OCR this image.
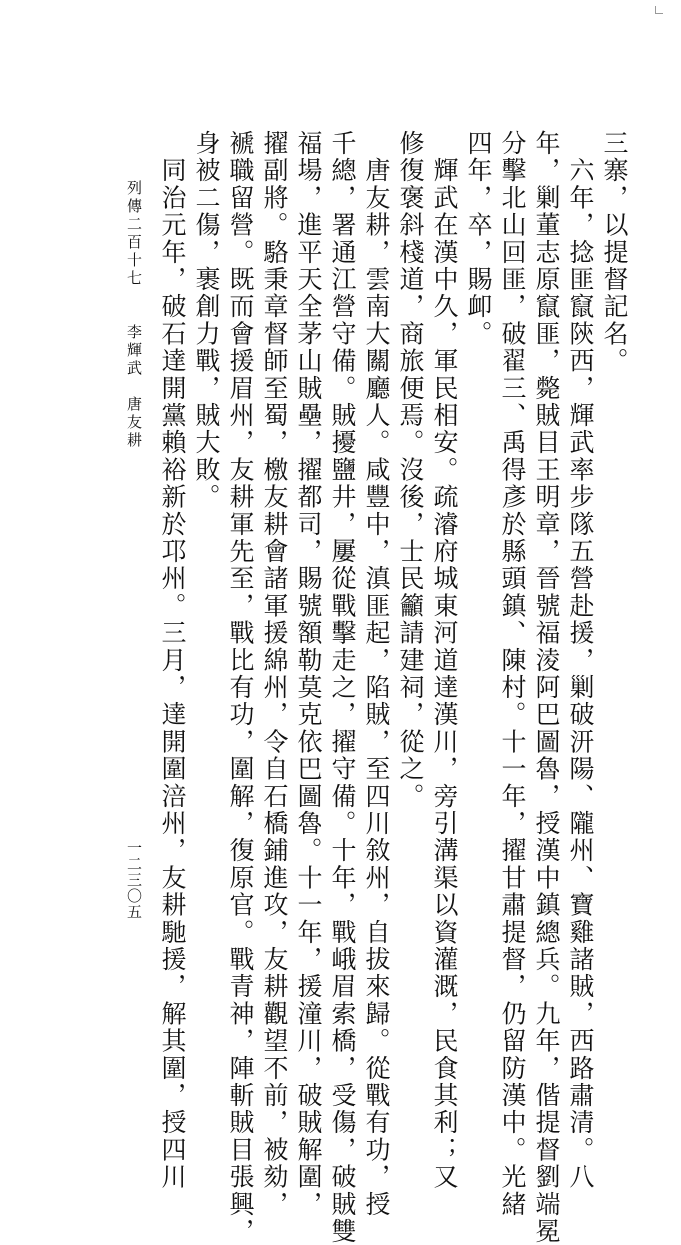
三寨，以提督記名。
　六年，捻匪竄陝西，輝武率步隊五營赴援，剿破汧陽、隴州、寶雞諸賊，西路肅清。八
年，剿董志原竄匪，斃賊目王明章，晉號福淩阿巴圖魯，授漢中鎮總兵。九年，偕提督劉端冕
分擊北山回匪，破翟三、禹得彥於縣頭鎮、陳村。十一年，擢甘肅提督，仍留防漢中。光緒
四年，卒，賜卹。
　輝武在漢中久，軍民相安。疏濬府城東河道達漢川，旁引溝渠以資灌溉，民食其利；又
修復褒斜棧道，商旅便焉。沒後，士民籲請建祠，從之。
　唐友耕，雲南大關廳人。咸豐中，滇匪起，陷賊，至四川敘州，自拔來歸。從戰有功，授
千總，署通江營守備。賊擾鹽井，屢從戰擊走之，擢守備。十年，戰峨眉索橋，受傷，破賊雙
福場，進平天全茅山賊壘，擢都司，賜號額勒莫克依巴圖魯。十一年，援潼川，破賊解圍，
擢副將。駱秉章督師至蜀，檄友耕會諸軍援綿州，令自石橋鋪進攻，友耕觀望不前，被劾，
褫職留營。既而會援眉州，友耕軍先至，戰比有功，圍解，復原官。戰青神，陣斬賊目張興，
身被二傷，裹創力戰，賊大敗。
　同治元年，破石達開黨賴裕新於邛州。三月，達開圍涪州，友耕馳援，解其圍，授四川
列傳二百十七　　李輝武　唐友耕
一二三〇五
